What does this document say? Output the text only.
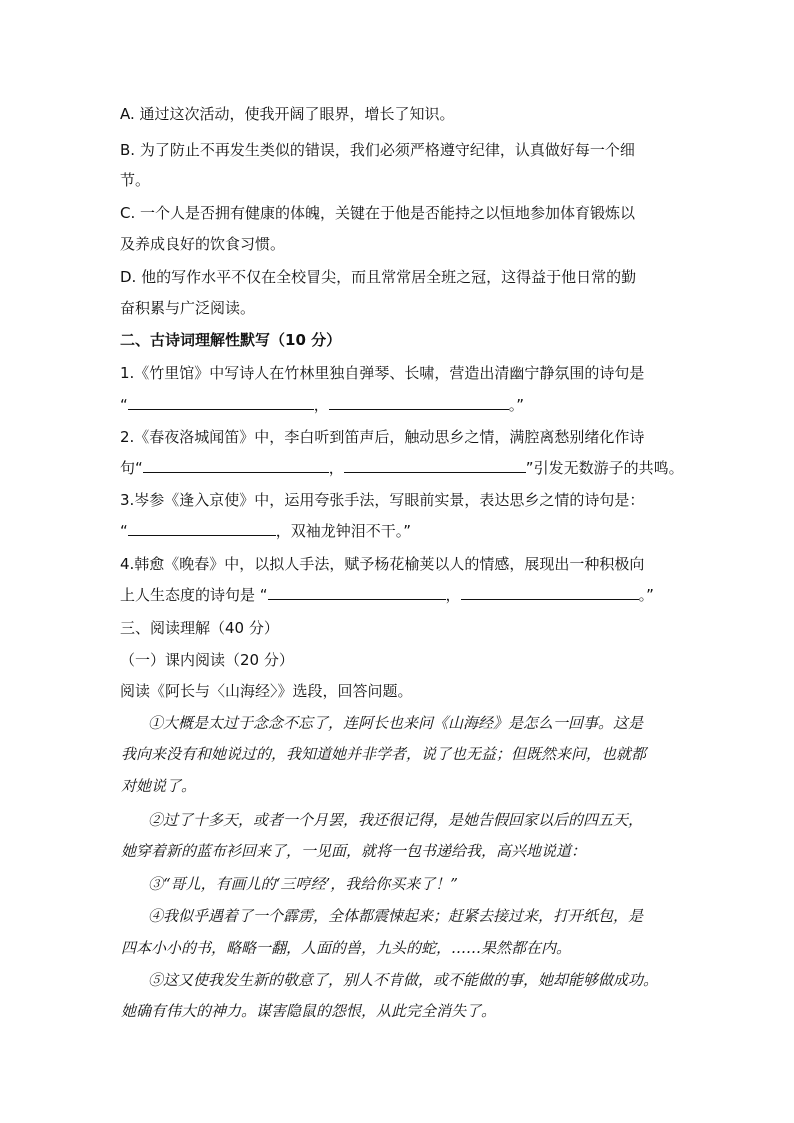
A. 通过这次活动，使我开阔了眼界，增长了知识。

B. 为了防止不再发生类似的错误，我们必须严格遵守纪律，认真做好每一个细

节。

C. 一个人是否拥有健康的体魄，关键在于他是否能持之以恒地参加体育锻炼以

及养成良好的饮食习惯。

D. 他的写作水平不仅在全校冒尖，而且常常居全班之冠，这得益于他日常的勤

奋积累与广泛阅读。

二、古诗词理解性默写（10 分）

1.《竹里馆》中写诗人在竹林里独自弹琴、长啸，营造出清幽宁静氛围的诗句是

“	，	。”

2.《春夜洛城闻笛》中，李白听到笛声后，触动思乡之情，满腔离愁别绪化作诗

句“	，	”引发无数游子的共鸣。

3.岑参《逢入京使》中，运用夸张手法，写眼前实景，表达思乡之情的诗句是：

“	，双袖龙钟泪不干。”

4.韩愈《晚春》中，以拟人手法，赋予杨花榆荚以人的情感，展现出一种积极向

上人生态度的诗句是 “	，	。”

三、阅读理解（40 分）

（一）课内阅读（20 分）

阅读《阿长与〈山海经〉》选段，回答问题。

①大概是太过于念念不忘了，连阿长也来问《山海经》是怎么一回事。这是

我向来没有和她说过的，我知道她并非学者，说了也无益；但既然来问，也就都

对她说了。

②过了十多天，或者一个月罢，我还很记得，是她告假回家以后的四五天，

她穿着新的蓝布衫回来了，一见面，就将一包书递给我，高兴地说道：

③“哥儿，有画儿的‘三哼经’，我给你买来了！”

④我似乎遇着了一个霹雳，全体都震悚起来；赶紧去接过来，打开纸包，是

四本小小的书，略略一翻，人面的兽，九头的蛇，……果然都在内。

⑤这又使我发生新的敬意了，别人不肯做，或不能做的事，她却能够做成功。

她确有伟大的神力。谋害隐鼠的怨恨，从此完全消失了。
